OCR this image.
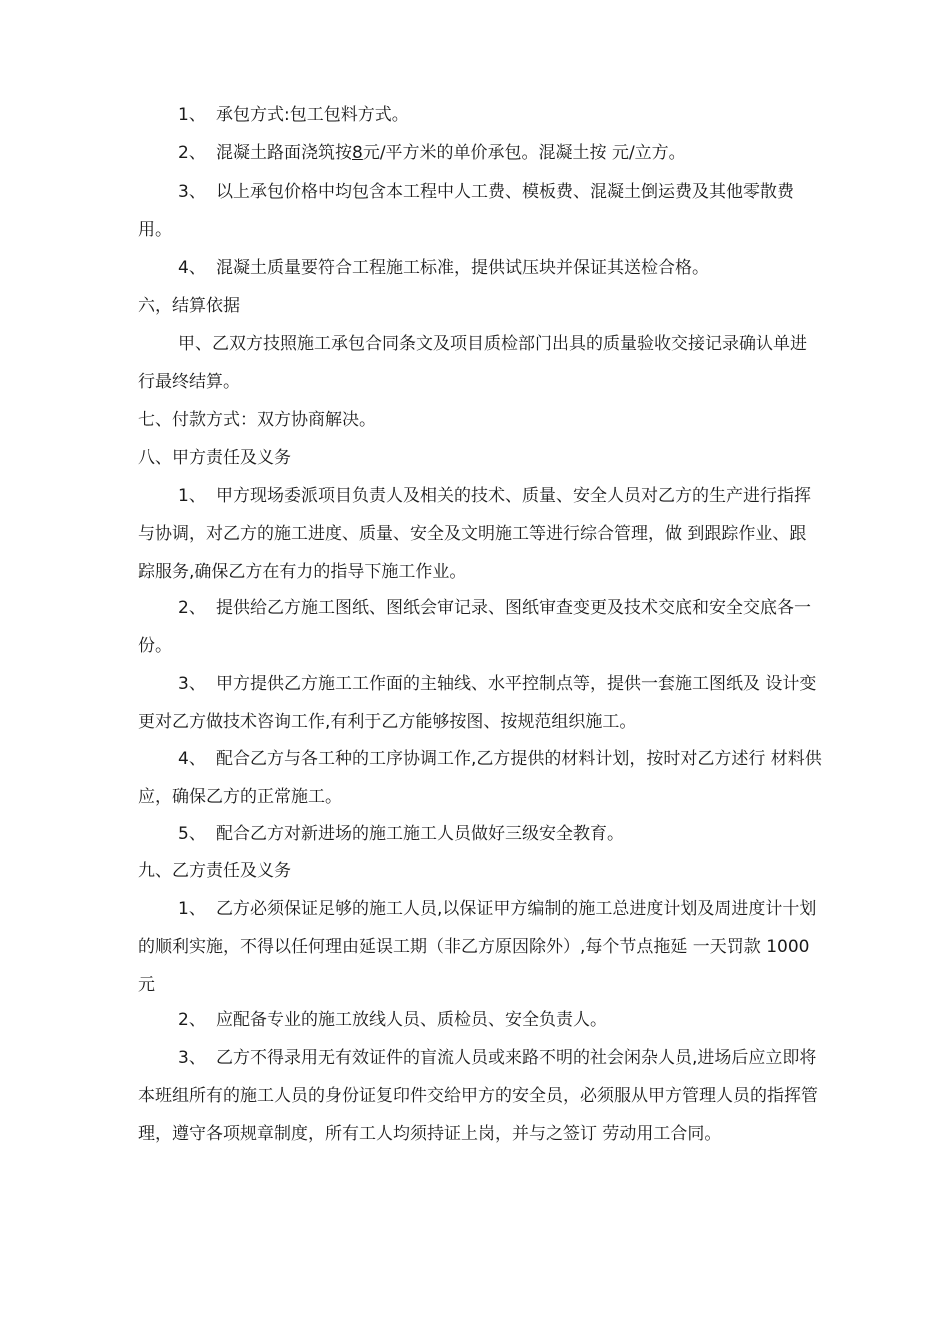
1、 承包方式:包工包料方式。

2、 混凝土路面浇筑按8元/平方米的单价承包。混凝土按 元/立方。

3、 以上承包价格中均包含本工程中人工费、模板费、混凝土倒运费及其他零散费用。

4、 混凝土质量要符合工程施工标准，提供试压块并保证其送检合格。

六，结算依据

甲、乙双方技照施工承包合同条文及项目质检部门出具的质量验收交接记录确认单进行最终结算。

七、付款方式：双方协商解决。

八、甲方责任及义务

1、 甲方现场委派项目负责人及相关的技术、质量、安全人员对乙方的生产进行指挥与协调，对乙方的施工进度、质量、安全及文明施工等进行综合管理，做 到跟踪作业、跟踪服务,确保乙方在有力的指导下施工作业。

2、 提供给乙方施工图纸、图纸会审记录、图纸审查变更及技术交底和安全交底各一份。

3、 甲方提供乙方施工工作面的主轴线、水平控制点等，提供一套施工图纸及 设计变更对乙方做技术咨询工作,有利于乙方能够按图、按规范组织施工。

4、 配合乙方与各工种的工序协调工作,乙方提供的材料计划，按时对乙方述行 材料供应，确保乙方的正常施工。

5、 配合乙方对新进场的施工施工人员做好三级安全教育。

九、乙方责任及义务

1、 乙方必须保证足够的施工人员,以保证甲方编制的施工总进度计划及周进度计十划的顺利实施，不得以任何理由延误工期（非乙方原因除外）,每个节点拖延 一天罚款 1000 元

2、 应配备专业的施工放线人员、质检员、安全负责人。

3、 乙方不得录用无有效证件的盲流人员或来路不明的社会闲杂人员,进场后应立即将本班组所有的施工人员的身份证复印件交给甲方的安全员，必须服从甲方管理人员的指挥管理，遵守各项规章制度，所有工人均须持证上岗，并与之签订 劳动用工合同。
